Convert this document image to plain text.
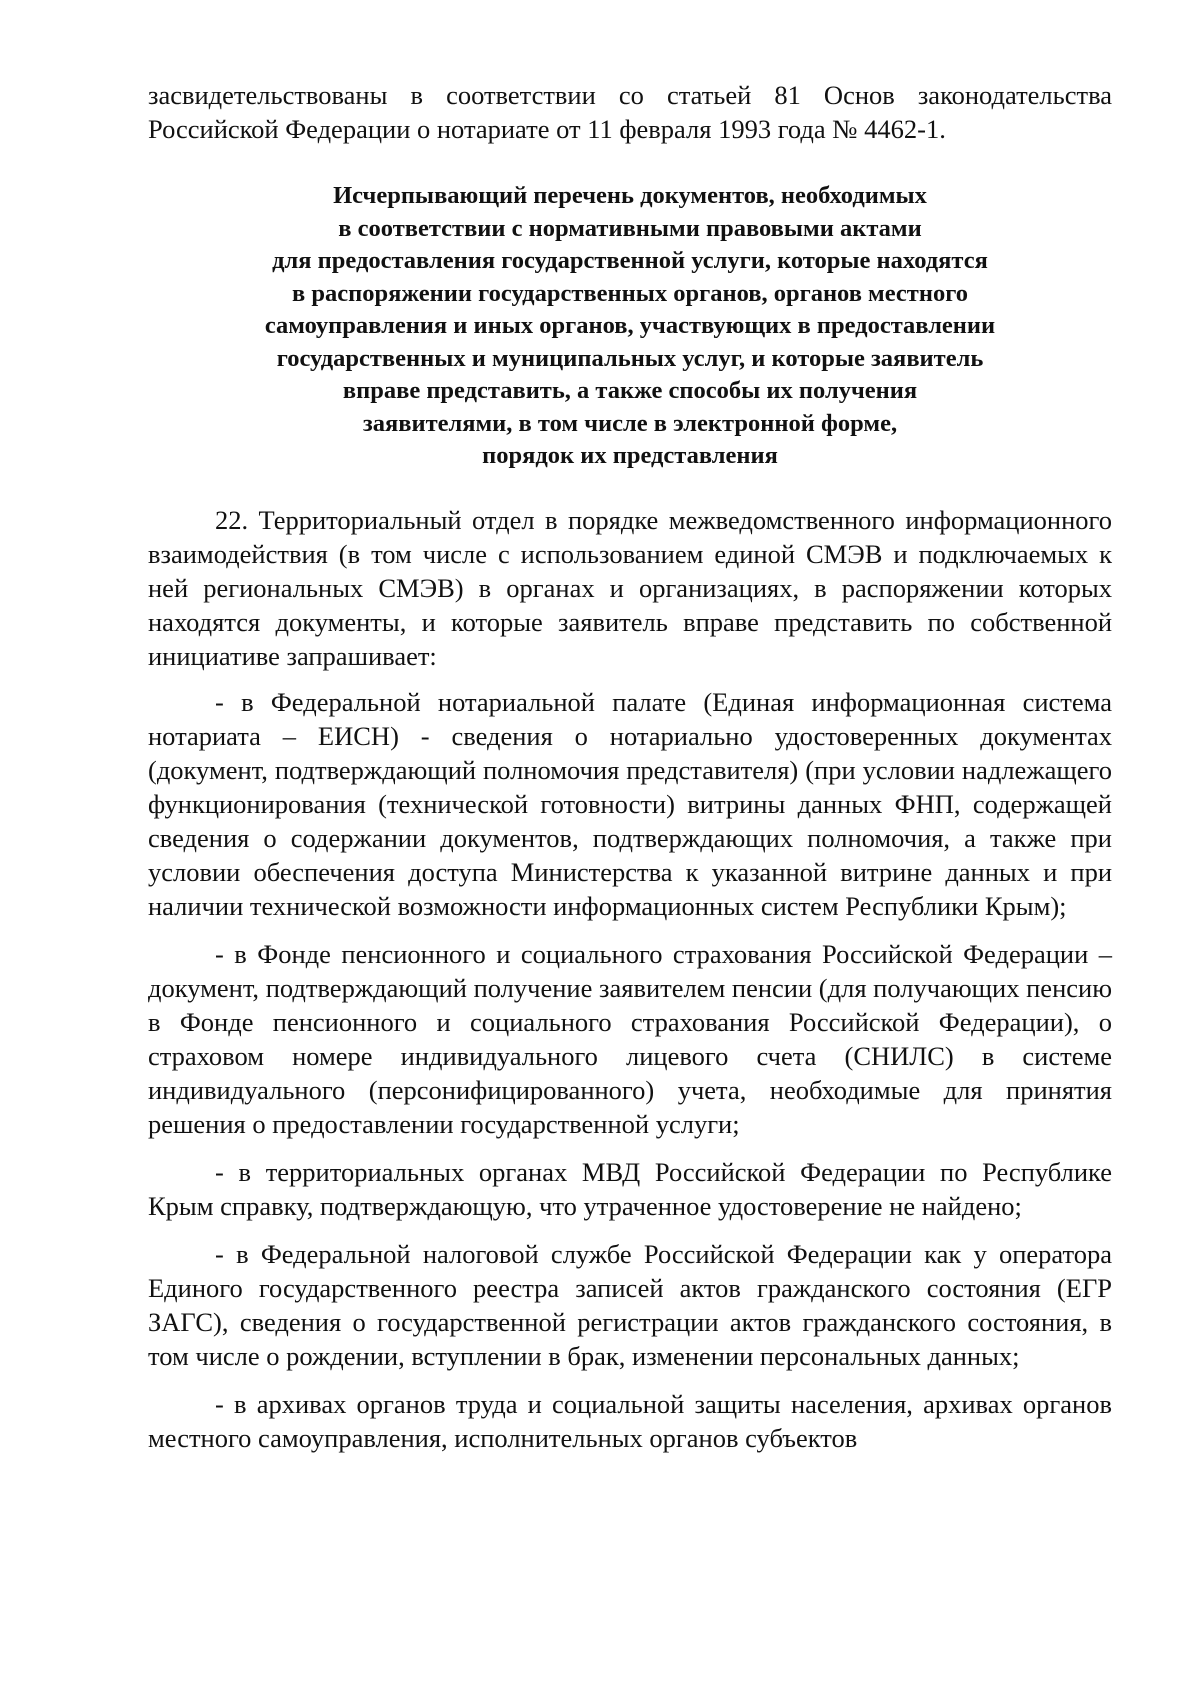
засвидетельствованы в соответствии со статьей 81 Основ законодательства Российской Федерации о нотариате от 11 февраля 1993 года № 4462-1.

Исчерпывающий перечень документов, необходимых
в соответствии с нормативными правовыми актами
для предоставления государственной услуги, которые находятся
в распоряжении государственных органов, органов местного
самоуправления и иных органов, участвующих в предоставлении
государственных и муниципальных услуг, и которые заявитель
вправе представить, а также способы их получения
заявителями, в том числе в электронной форме,
порядок их представления

22. Территориальный отдел в порядке межведомственного информационного взаимодействия (в том числе с использованием единой СМЭВ и подключаемых к ней региональных СМЭВ) в органах и организациях, в распоряжении которых находятся документы, и которые заявитель вправе представить по собственной инициативе запрашивает:

- в Федеральной нотариальной палате (Единая информационная система нотариата – ЕИСН) - сведения о нотариально удостоверенных документах (документ, подтверждающий полномочия представителя) (при условии надлежащего функционирования (технической готовности) витрины данных ФНП, содержащей сведения о содержании документов, подтверждающих полномочия, а также при условии обеспечения доступа Министерства к указанной витрине данных и при наличии технической возможности информационных систем Республики Крым);

- в Фонде пенсионного и социального страхования Российской Федерации – документ, подтверждающий получение заявителем пенсии (для получающих пенсию в Фонде пенсионного и социального страхования Российской Федерации), о страховом номере индивидуального лицевого счета (СНИЛС) в системе индивидуального (персонифицированного) учета, необходимые для принятия решения о предоставлении государственной услуги;

- в территориальных органах МВД Российской Федерации по Республике Крым справку, подтверждающую, что утраченное удостоверение не найдено;

- в Федеральной налоговой службе Российской Федерации как у оператора Единого государственного реестра записей актов гражданского состояния (ЕГР ЗАГС), сведения о государственной регистрации актов гражданского состояния, в том числе о рождении, вступлении в брак, изменении персональных данных;

- в архивах органов труда и социальной защиты населения, архивах органов местного самоуправления, исполнительных органов субъектов
